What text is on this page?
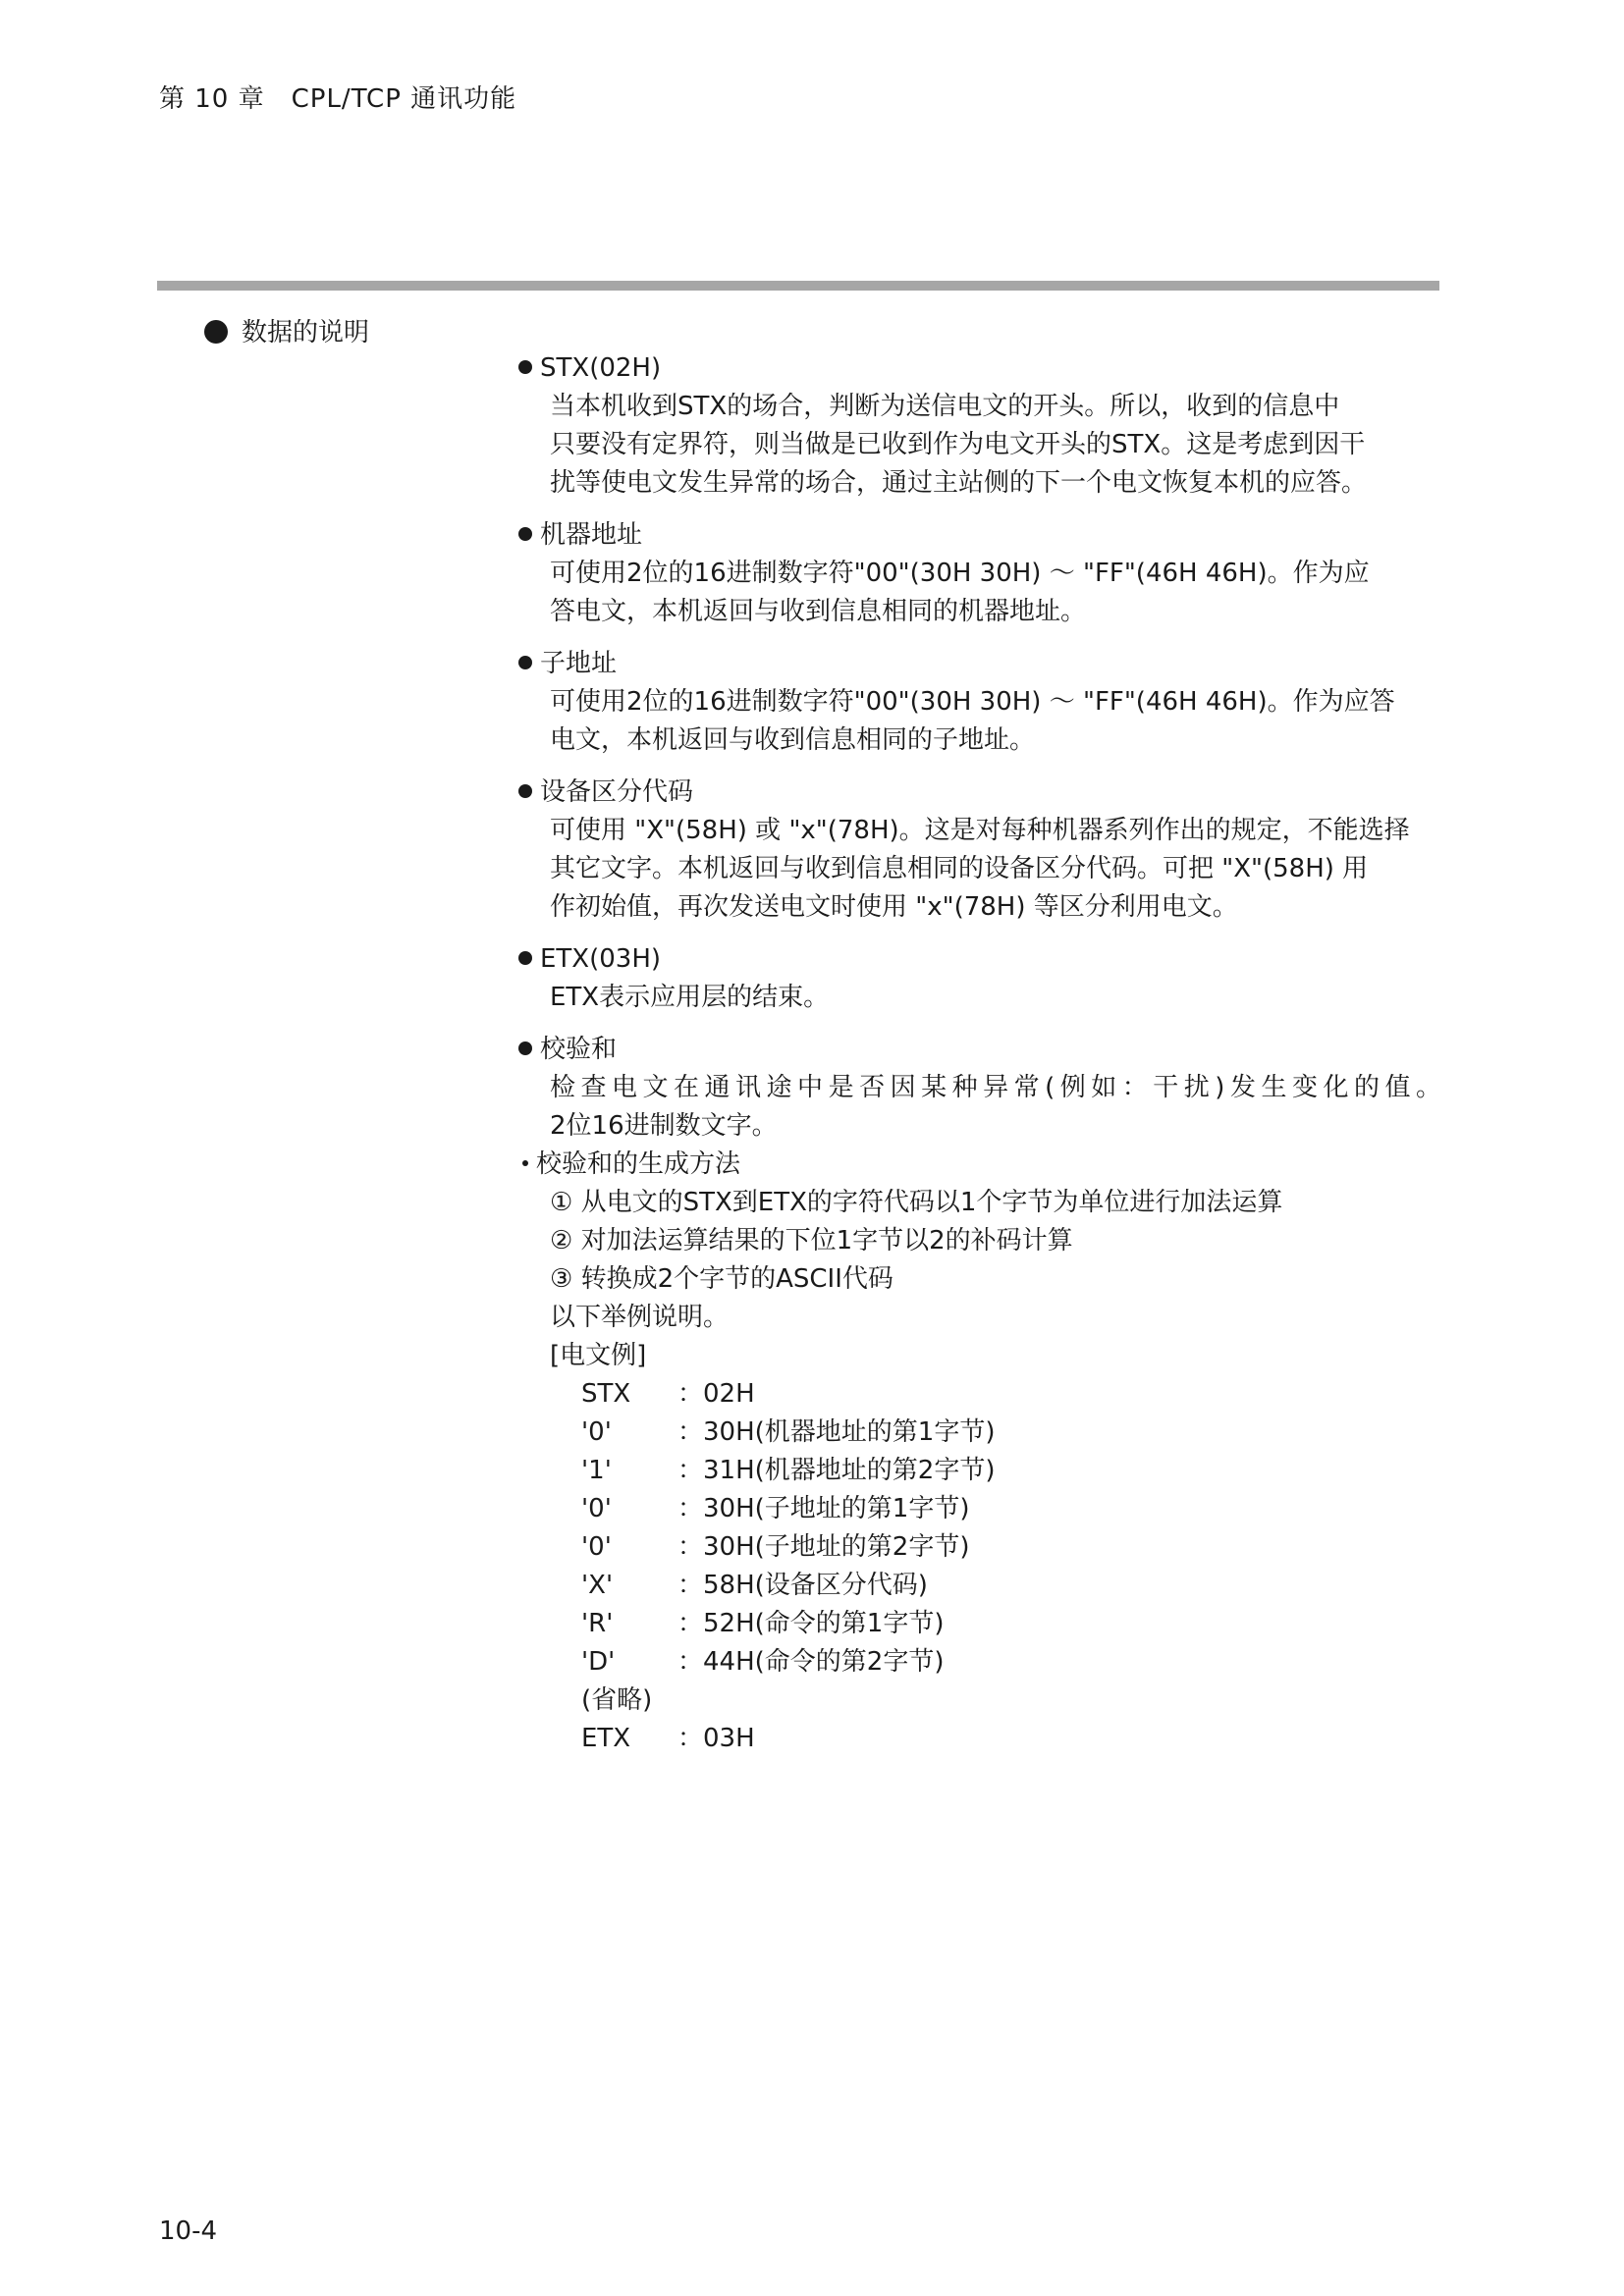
第 10 章　CPL/TCP 通讯功能
数据的说明
STX(02H)
当本机收到STX的场合，判断为送信电文的开头。所以，收到的信息中
只要没有定界符，则当做是已收到作为电文开头的STX。这是考虑到因干
扰等使电文发生异常的场合，通过主站侧的下一个电文恢复本机的应答。
机器地址
可使用2位的16进制数字符"00"(30H 30H) ～ "FF"(46H 46H)。作为应
答电文，本机返回与收到信息相同的机器地址。
子地址
可使用2位的16进制数字符"00"(30H 30H) ～ "FF"(46H 46H)。作为应答
电文，本机返回与收到信息相同的子地址。
设备区分代码
可使用 "X"(58H) 或 "x"(78H)。这是对每种机器系列作出的规定，不能选择
其它文字。本机返回与收到信息相同的设备区分代码。可把 "X"(58H) 用
作初始值，再次发送电文时使用 "x"(78H) 等区分利用电文。
ETX(03H)
ETX表示应用层的结束。
校验和
检查电文在通讯途中是否因某种异常(例如：干扰)发生变化的值。
2位16进制数文字。
校验和的生成方法
① 从电文的STX到ETX的字符代码以1个字节为单位进行加法运算
② 对加法运算结果的下位1字节以2的补码计算
③ 转换成2个字节的ASCII代码
以下举例说明。
[电文例]
STX	：02H
'0'	：30H(机器地址的第1字节)
'1'	：31H(机器地址的第2字节)
'0'	：30H(子地址的第1字节)
'0'	：30H(子地址的第2字节)
'X'	：58H(设备区分代码)
'R'	：52H(命令的第1字节)
'D'	：44H(命令的第2字节)
(省略)
ETX	：03H
10-4
